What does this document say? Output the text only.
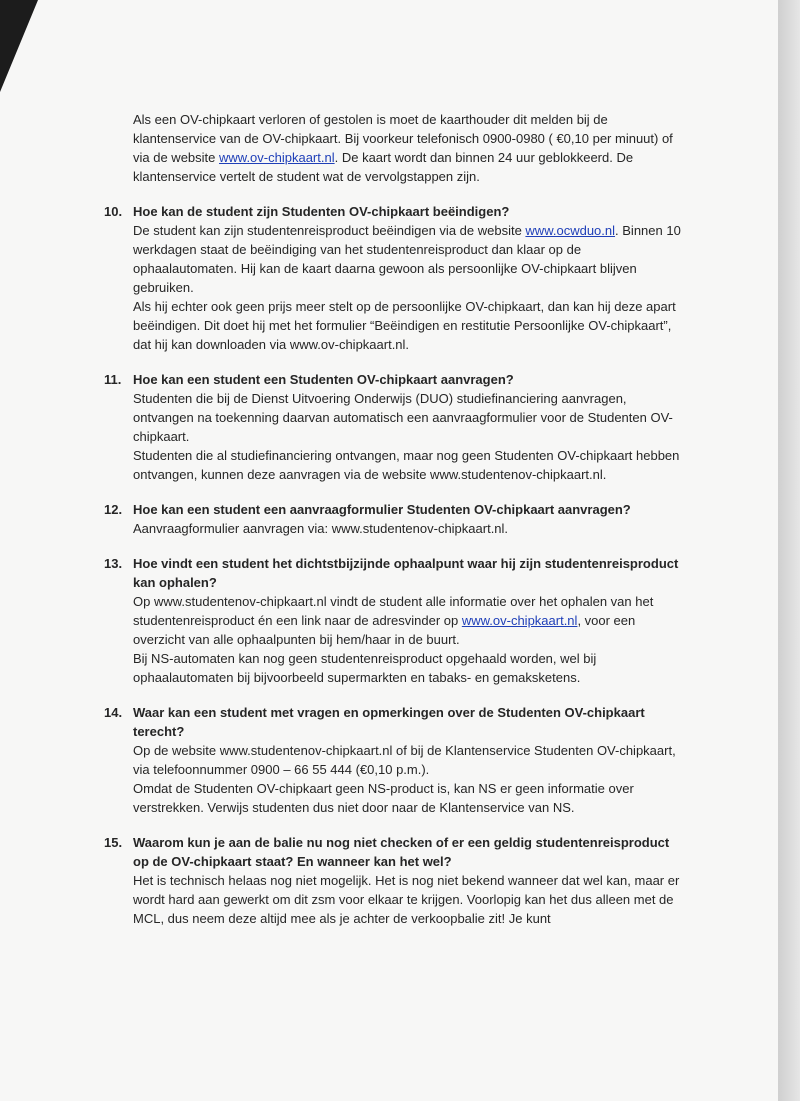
Als een OV-chipkaart verloren of gestolen is moet de kaarthouder dit melden bij de klantenservice van de OV-chipkaart. Bij voorkeur telefonisch 0900-0980 ( €0,10 per minuut) of via de website www.ov-chipkaart.nl. De kaart wordt dan binnen 24 uur geblokkeerd. De klantenservice vertelt de student wat de vervolgstappen zijn.
10. Hoe kan de student zijn Studenten OV-chipkaart beëindigen?

De student kan zijn studentenreisproduct beëindigen via de website www.ocwduo.nl. Binnen 10 werkdagen staat de beëindiging van het studentenreisproduct dan klaar op de ophaalautomaten. Hij kan de kaart daarna gewoon als persoonlijke OV-chipkaart blijven gebruiken.

Als hij echter ook geen prijs meer stelt op de persoonlijke OV-chipkaart, dan kan hij deze apart beëindigen. Dit doet hij met het formulier “Beëindigen en restitutie Persoonlijke OV-chipkaart”, dat hij kan downloaden via www.ov-chipkaart.nl.

11. Hoe kan een student een Studenten OV-chipkaart aanvragen?

Studenten die bij de Dienst Uitvoering Onderwijs (DUO) studiefinanciering aanvragen, ontvangen na toekenning daarvan automatisch een aanvraagformulier voor de Studenten OV-chipkaart.

Studenten die al studiefinanciering ontvangen, maar nog geen Studenten OV-chipkaart hebben ontvangen, kunnen deze aanvragen via de website www.studentenov-chipkaart.nl.

12. Hoe kan een student een aanvraagformulier Studenten OV-chipkaart aanvragen?

Aanvraagformulier aanvragen via: www.studentenov-chipkaart.nl.

13. Hoe vindt een student het dichtstbijzijnde ophaalpunt waar hij zijn studentenreisproduct kan ophalen?

Op www.studentenov-chipkaart.nl vindt de student alle informatie over het ophalen van het studentenreisproduct én een link naar de adresvinder op www.ov-chipkaart.nl, voor een overzicht van alle ophaalpunten bij hem/haar in de buurt.

Bij NS-automaten kan nog geen studentenreisproduct opgehaald worden, wel bij ophaalautomaten bij bijvoorbeeld supermarkten en tabaks- en gemaksketens.

14. Waar kan een student met vragen en opmerkingen over de Studenten OV-chipkaart terecht?

Op de website www.studentenov-chipkaart.nl of bij de Klantenservice Studenten OV-chipkaart, via telefoonnummer 0900 – 66 55 444 (€0,10 p.m.).

Omdat de Studenten OV-chipkaart geen NS-product is, kan NS er geen informatie over verstrekken. Verwijs studenten dus niet door naar de Klantenservice van NS.

15. Waarom kun je aan de balie nu nog niet checken of er een geldig studentenreisproduct op de OV-chipkaart staat? En wanneer kan het wel?

Het is technisch helaas nog niet mogelijk. Het is nog niet bekend wanneer dat wel kan, maar er wordt hard aan gewerkt om dit zsm voor elkaar te krijgen. Voorlopig kan het dus alleen met de MCL, dus neem deze altijd mee als je achter de verkoopbalie zit! Je kunt
